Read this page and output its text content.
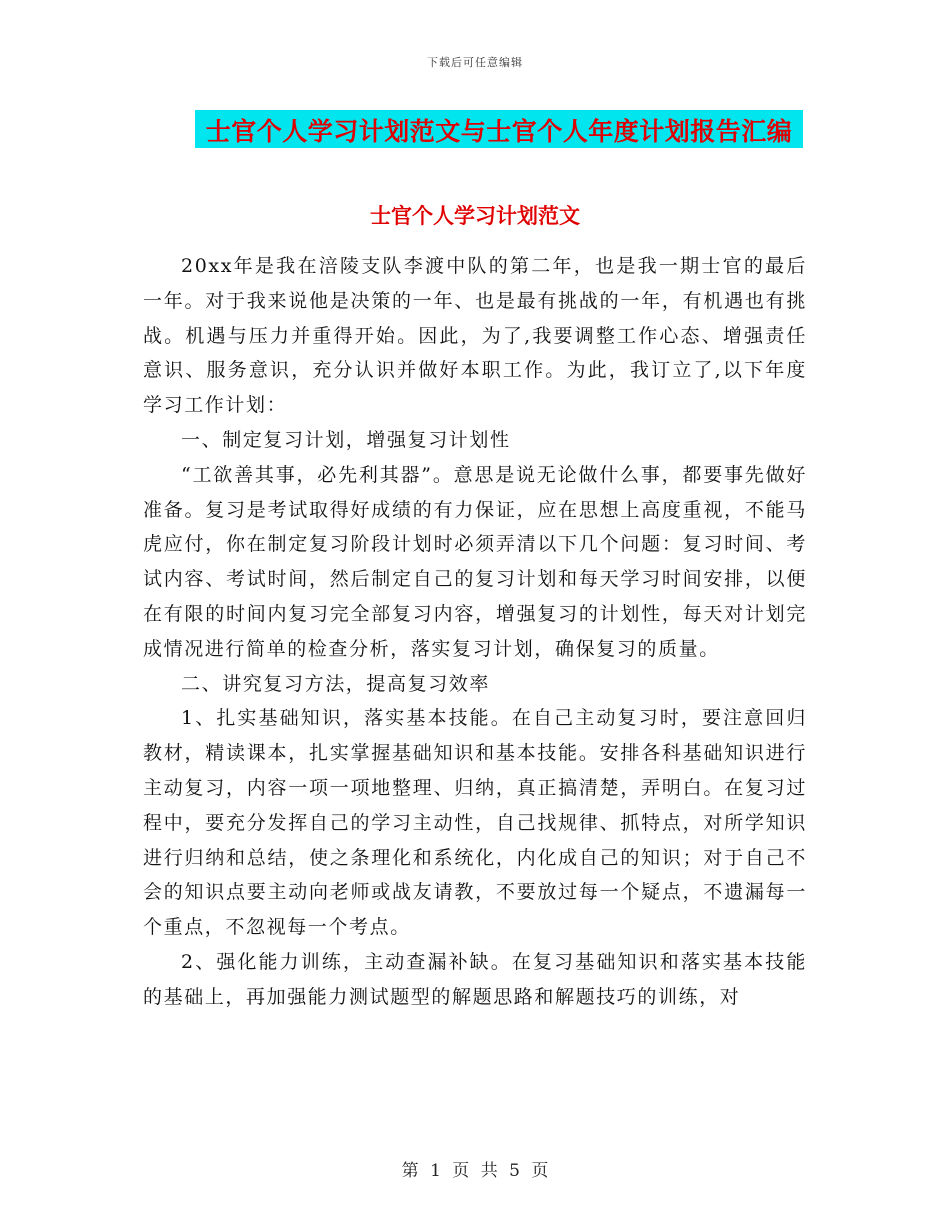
下载后可任意编辑
士官个人学习计划范文与士官个人年度计划报告汇编
士官个人学习计划范文

20xx年是我在涪陵支队李渡中队的第二年，也是我一期士官的最后一年。对于我来说他是决策的一年、也是最有挑战的一年，有机遇也有挑战。机遇与压力并重得开始。因此，为了,我要调整工作心态、增强责任意识、服务意识，充分认识并做好本职工作。为此，我订立了,以下年度学习工作计划：

一、制定复习计划，增强复习计划性

“工欲善其事，必先利其器”。意思是说无论做什么事，都要事先做好准备。复习是考试取得好成绩的有力保证，应在思想上高度重视，不能马虎应付，你在制定复习阶段计划时必须弄清以下几个问题：复习时间、考试内容、考试时间，然后制定自己的复习计划和每天学习时间安排，以便在有限的时间内复习完全部复习内容，增强复习的计划性，每天对计划完成情况进行简单的检查分析，落实复习计划，确保复习的质量。

二、讲究复习方法，提高复习效率

1、扎实基础知识，落实基本技能。在自己主动复习时，要注意回归教材，精读课本，扎实掌握基础知识和基本技能。安排各科基础知识进行主动复习，内容一项一项地整理、归纳，真正搞清楚，弄明白。在复习过程中，要充分发挥自己的学习主动性，自己找规律、抓特点，对所学知识进行归纳和总结，使之条理化和系统化，内化成自己的知识；对于自己不会的知识点要主动向老师或战友请教，不要放过每一个疑点，不遗漏每一个重点，不忽视每一个考点。

2、强化能力训练，主动查漏补缺。在复习基础知识和落实基本技能的基础上，再加强能力测试题型的解题思路和解题技巧的训练，对

第 1 页 共 5 页
